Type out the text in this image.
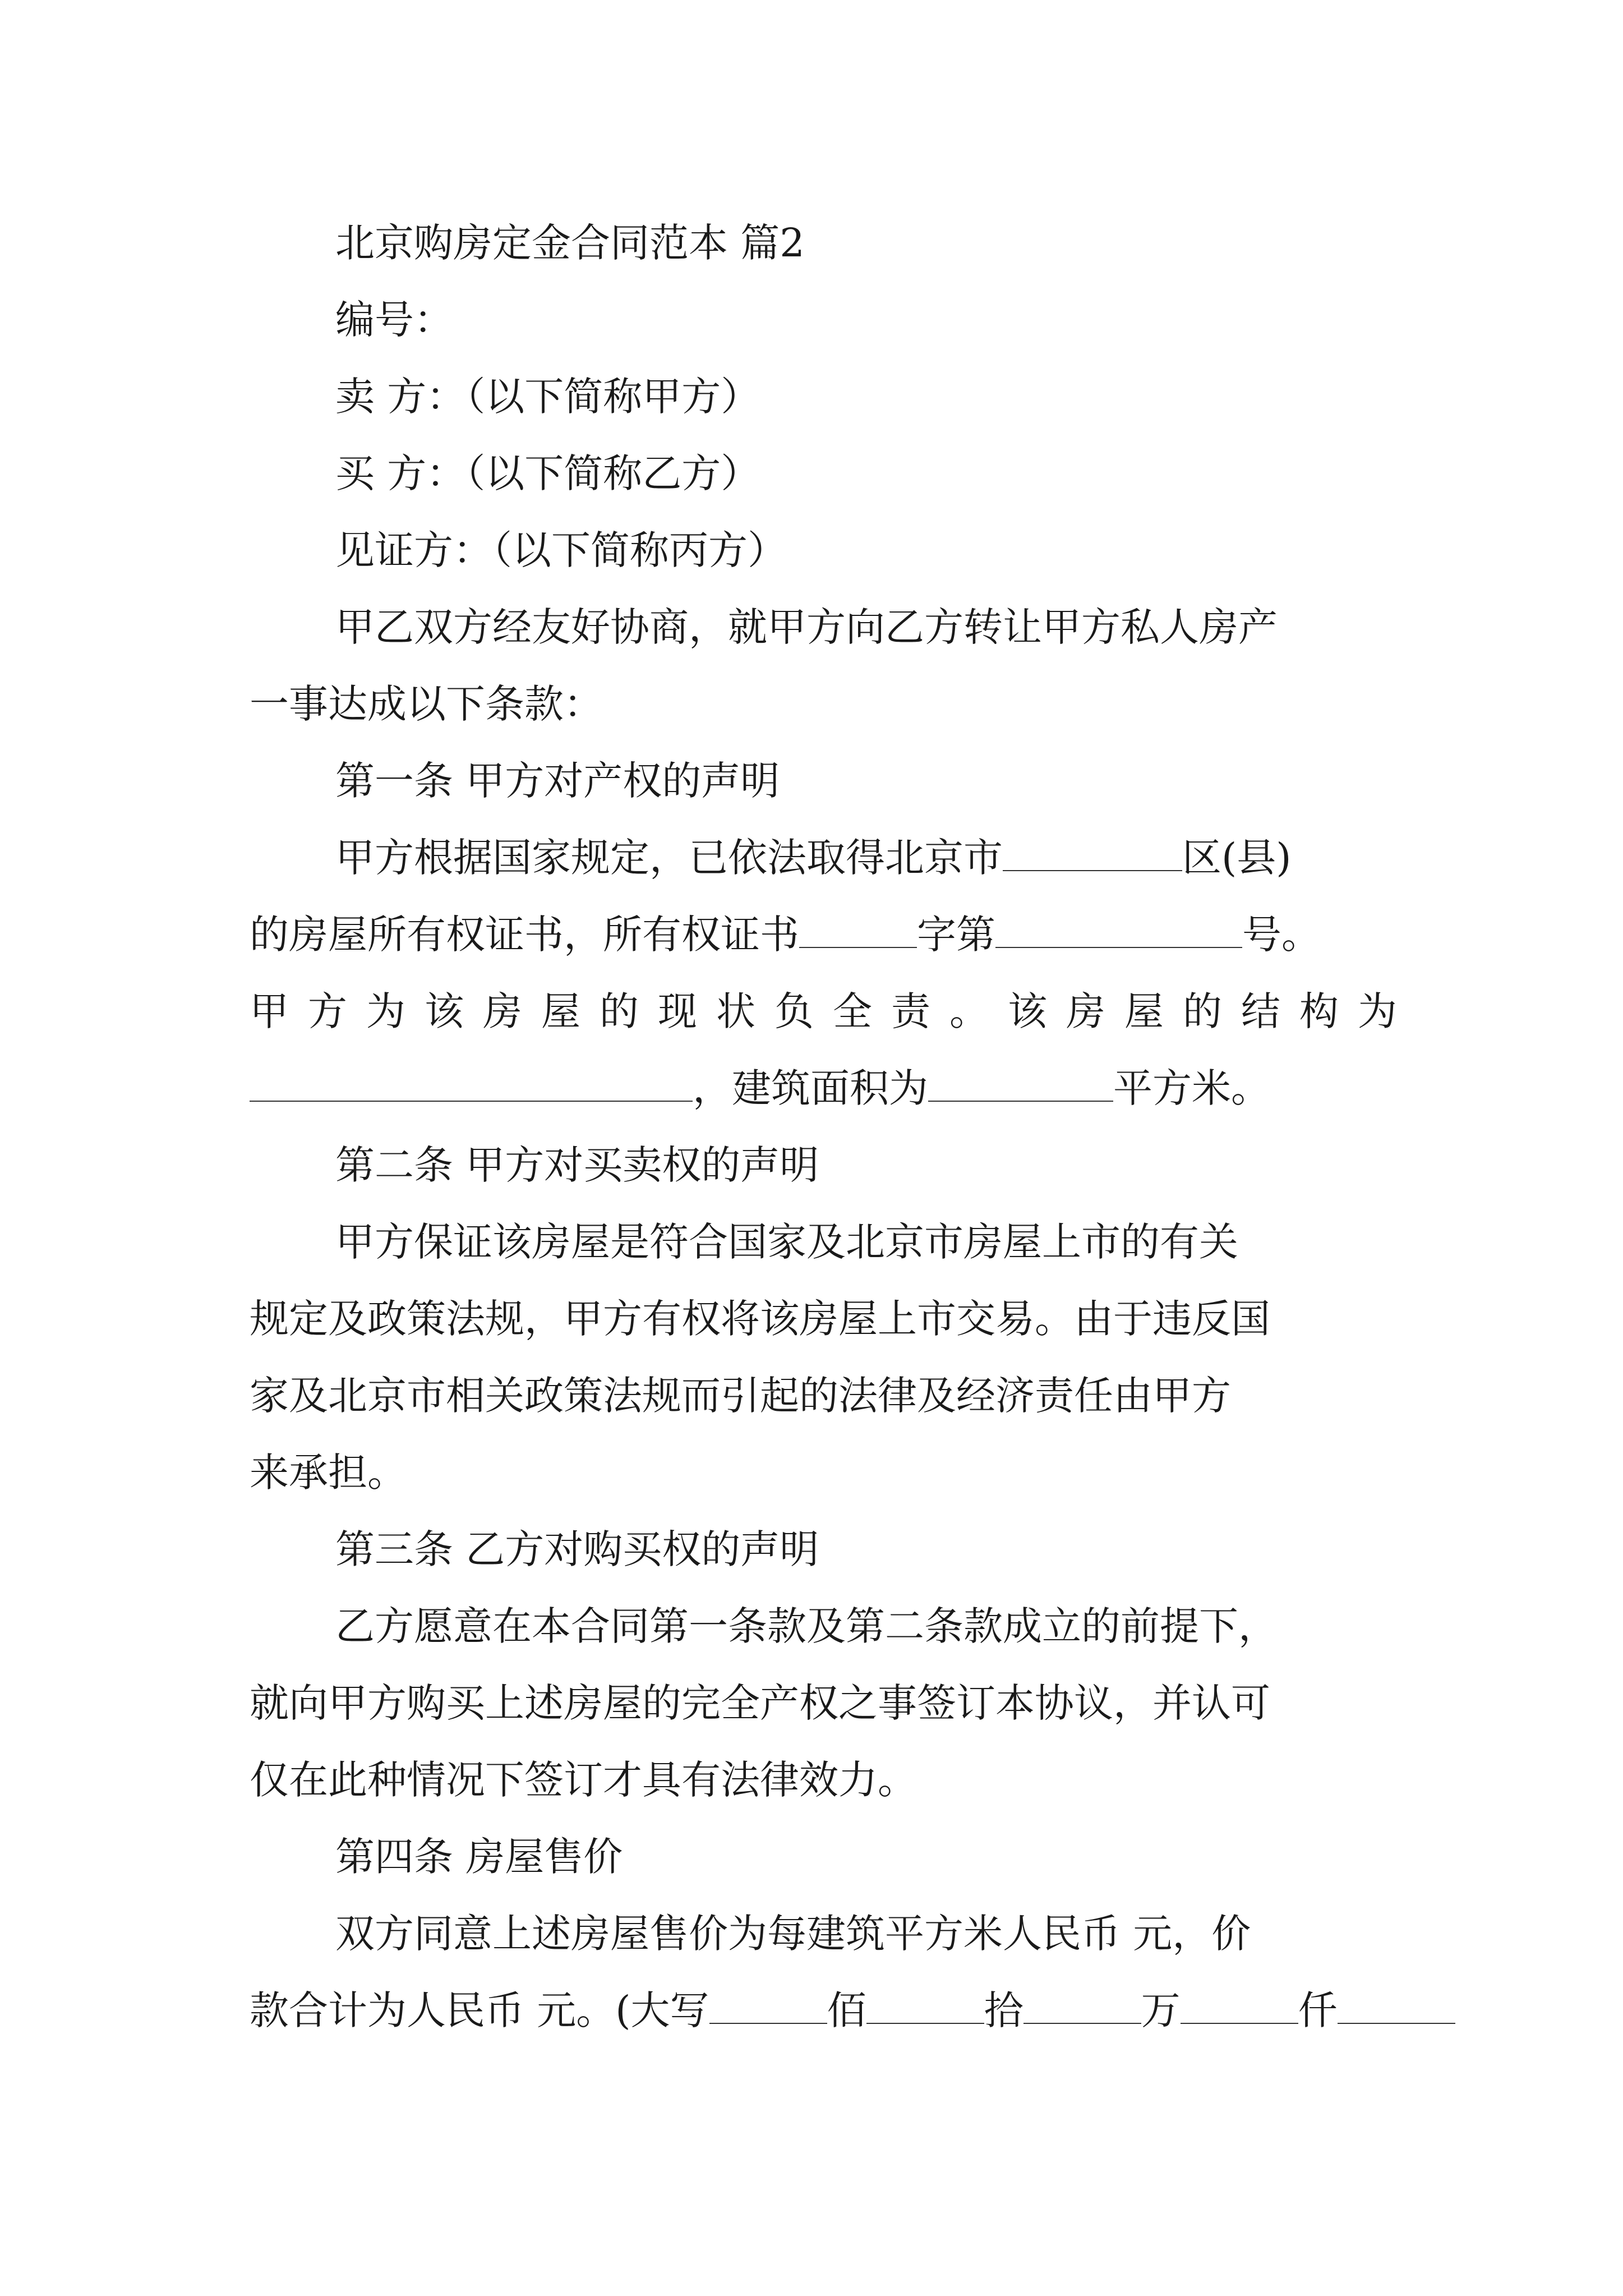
北京购房定金合同范本 篇2
编号：
卖 方：（以下简称甲方）
买 方：（以下简称乙方）
见证方：（以下简称丙方）
甲乙双方经友好协商，就甲方向乙方转让甲方私人房产
一事达成以下条款：
第一条 甲方对产权的声明
甲方根据国家规定，已依法取得北京市	区(县)
的房屋所有权证书，所有权证书	字第	号。
甲方为该房屋的现状负全责。该房屋的结构为
，建筑面积为	平方米。
第二条 甲方对买卖权的声明
甲方保证该房屋是符合国家及北京市房屋上市的有关
规定及政策法规，甲方有权将该房屋上市交易。由于违反国
家及北京市相关政策法规而引起的法律及经济责任由甲方
来承担。
第三条 乙方对购买权的声明
乙方愿意在本合同第一条款及第二条款成立的前提下，
就向甲方购买上述房屋的完全产权之事签订本协议，并认可
仅在此种情况下签订才具有法律效力。
第四条 房屋售价
双方同意上述房屋售价为每建筑平方米人民币 元，价
款合计为人民币 元。(大写	佰	拾	万	仟
